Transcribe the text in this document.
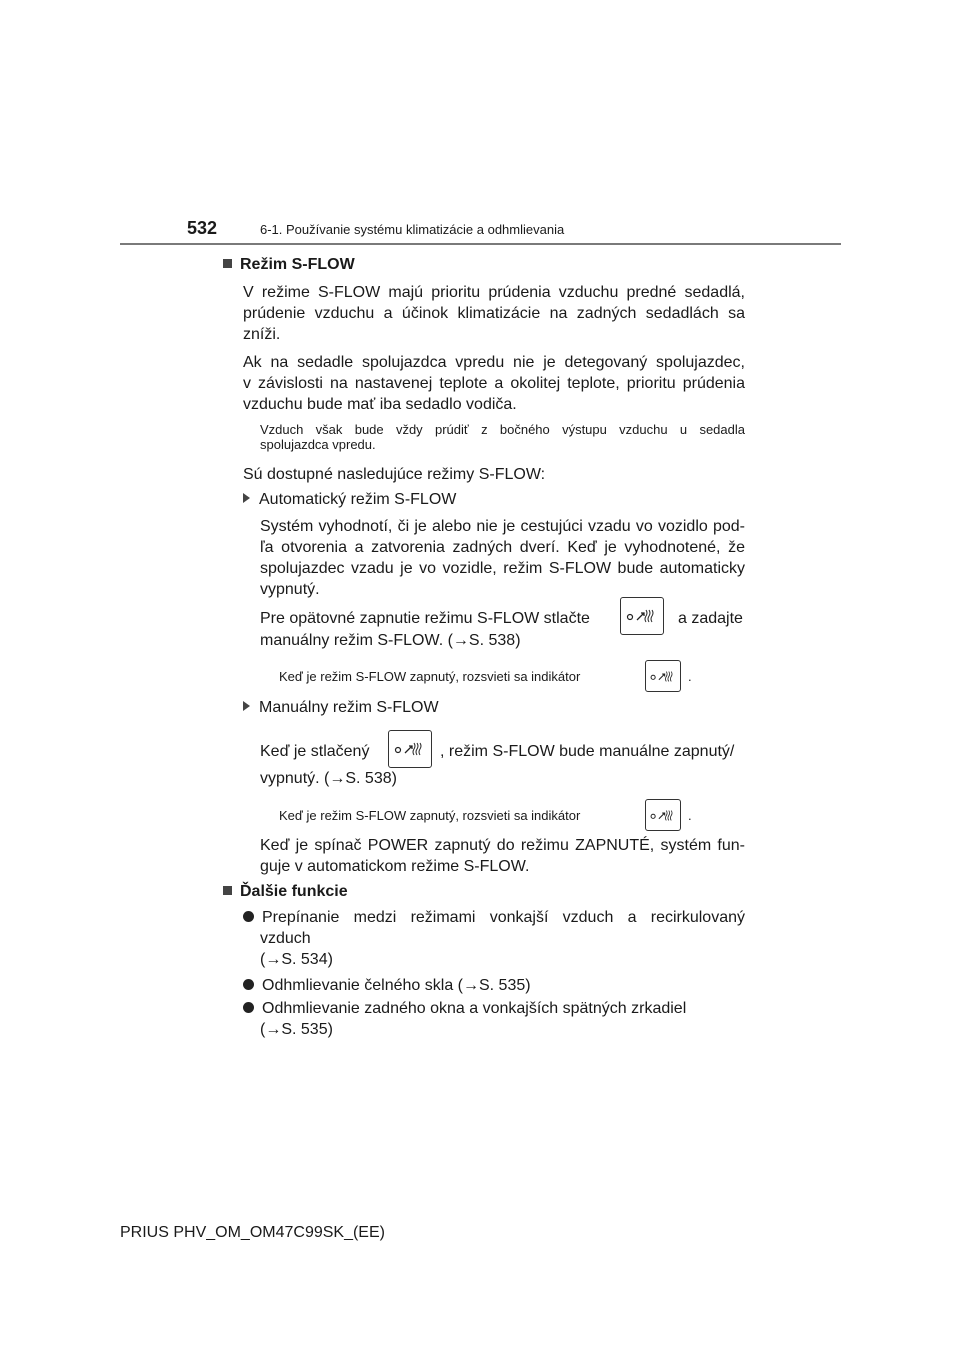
532	6-1. Používanie systému klimatizácie a odhmlievania
Režim S-FLOW
V režime S-FLOW majú prioritu prúdenia vzduchu predné sedadlá,
prúdenie vzduchu a účinok klimatizácie na zadných sedadlách sa
zníži.
Ak na sedadle spolujazdca vpredu nie je detegovaný spolujazdec,
v závislosti na nastavenej teplote a okolitej teplote, prioritu prúdenia
vzduchu bude mať iba sedadlo vodiča.
Vzduch však bude vždy prúdiť z bočného výstupu vzduchu u sedadla
spolujazdca vpredu.
Sú dostupné nasledujúce režimy S-FLOW:
Automatický režim S-FLOW
Systém vyhodnotí, či je alebo nie je cestujúci vzadu vo vozidlo pod-
ľa otvorenia a zatvorenia zadných dverí. Keď je vyhodnotené, že
spolujazdec vzadu je vo vozidle, režim S-FLOW bude automaticky
vypnutý.
Pre opätovné zapnutie režimu S-FLOW stlačte	a zadajte
manuálny režim S-FLOW. (→S. 538)
Keď je režim S-FLOW zapnutý, rozsvieti sa indikátor	.
Manuálny režim S-FLOW
Keď je stlačený	, režim S-FLOW bude manuálne zapnutý/
vypnutý. (→S. 538)
Keď je režim S-FLOW zapnutý, rozsvieti sa indikátor	.
Keď je spínač POWER zapnutý do režimu ZAPNUTÉ, systém fun-
guje v automatickom režime S-FLOW.
Ďalšie funkcie
Prepínanie medzi režimami vonkajší vzduch a recirkulovaný
vzduch
(→S. 534)
Odhmlievanie čelného skla (→S. 535)
Odhmlievanie zadného okna a vonkajších spätných zrkadiel
(→S. 535)
PRIUS PHV_OM_OM47C99SK_(EE)
